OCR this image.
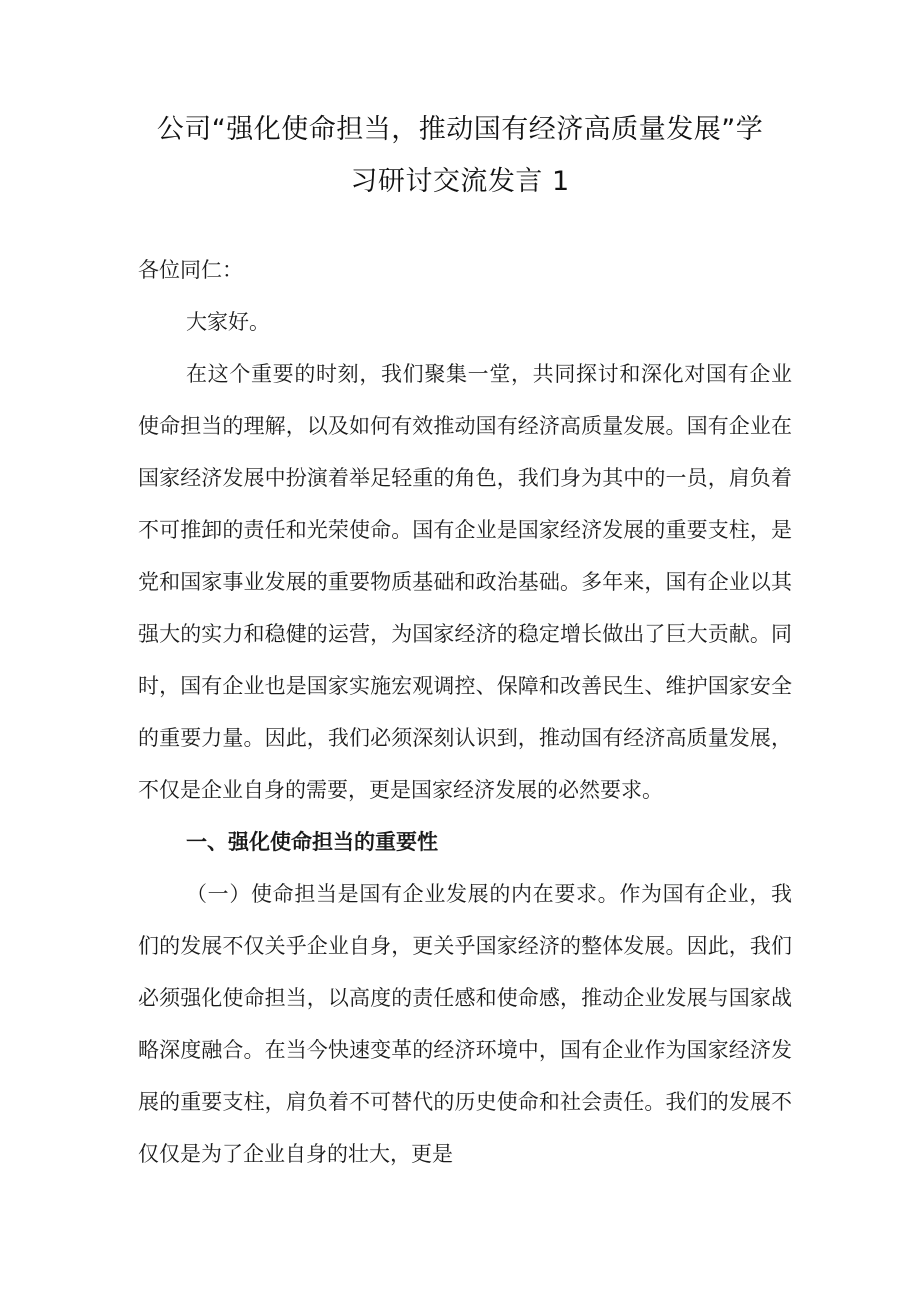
公司“强化使命担当，推动国有经济高质量发展”学
习研讨交流发言 1

各位同仁：

大家好。

在这个重要的时刻，我们聚集一堂，共同探讨和深化对国有企业使命担当的理解，以及如何有效推动国有经济高质量发展。国有企业在国家经济发展中扮演着举足轻重的角色，我们身为其中的一员，肩负着不可推卸的责任和光荣使命。国有企业是国家经济发展的重要支柱，是党和国家事业发展的重要物质基础和政治基础。多年来，国有企业以其强大的实力和稳健的运营，为国家经济的稳定增长做出了巨大贡献。同时，国有企业也是国家实施宏观调控、保障和改善民生、维护国家安全的重要力量。因此，我们必须深刻认识到，推动国有经济高质量发展，不仅是企业自身的需要，更是国家经济发展的必然要求。

一、强化使命担当的重要性

（一）使命担当是国有企业发展的内在要求。作为国有企业，我们的发展不仅关乎企业自身，更关乎国家经济的整体发展。因此，我们必须强化使命担当，以高度的责任感和使命感，推动企业发展与国家战略深度融合。在当今快速变革的经济环境中，国有企业作为国家经济发展的重要支柱，肩负着不可替代的历史使命和社会责任。我们的发展不仅仅是为了企业自身的壮大，更是
